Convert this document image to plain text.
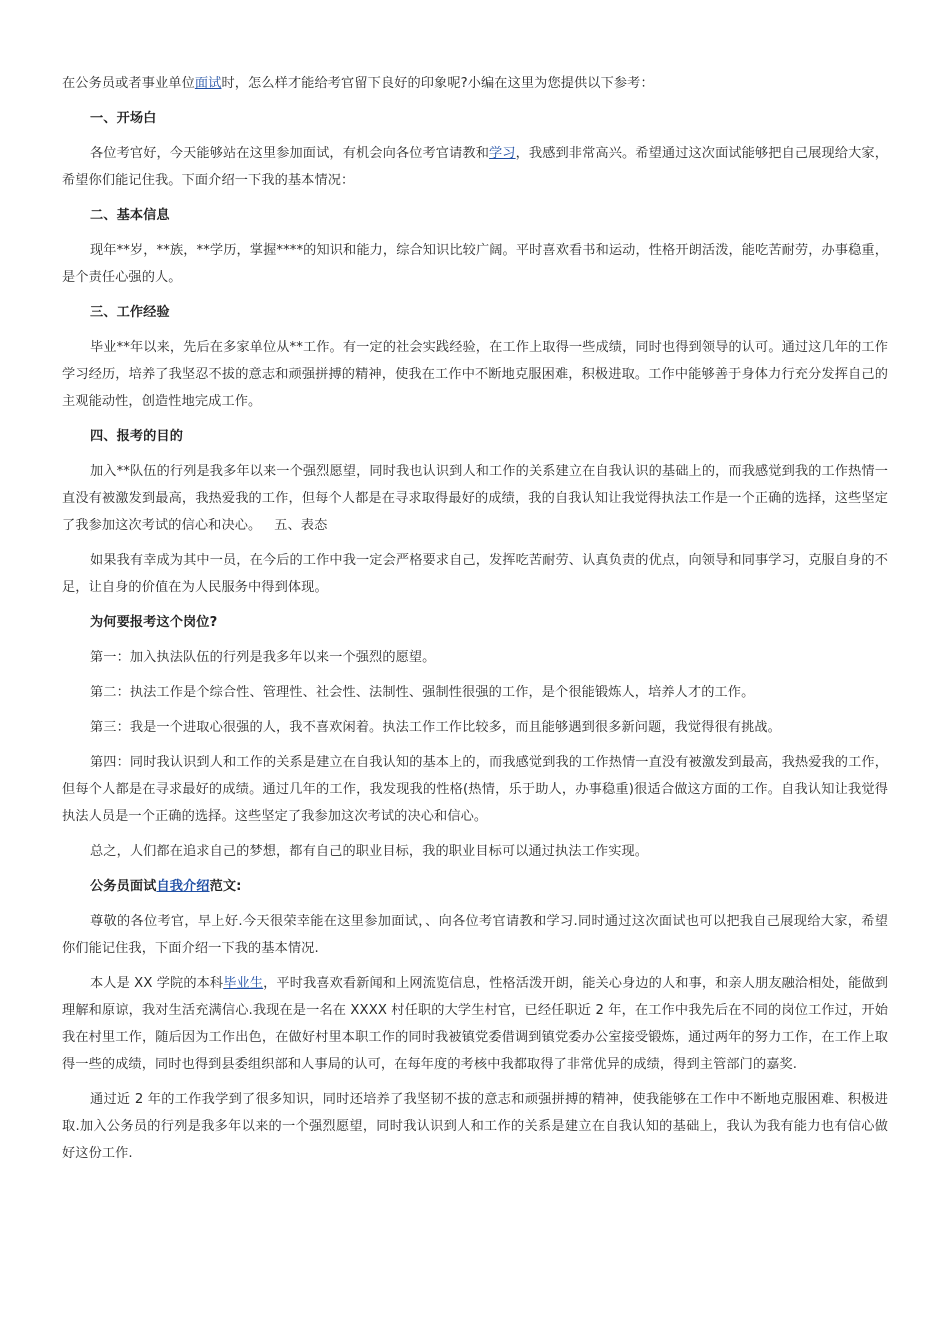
在公务员或者事业单位面试时，怎么样才能给考官留下良好的印象呢?小编在这里为您提供以下参考：

一、开场白

各位考官好，今天能够站在这里参加面试，有机会向各位考官请教和学习，我感到非常高兴。希望通过这次面试能够把自己展现给大家，希望你们能记住我。下面介绍一下我的基本情况：

二、基本信息

现年**岁，**族，**学历，掌握****的知识和能力，综合知识比较广阔。平时喜欢看书和运动，性格开朗活泼，能吃苦耐劳，办事稳重，是个责任心强的人。

三、工作经验

毕业**年以来，先后在多家单位从**工作。有一定的社会实践经验，在工作上取得一些成绩，同时也得到领导的认可。通过这几年的工作学习经历，培养了我坚忍不拔的意志和顽强拼搏的精神，使我在工作中不断地克服困难，积极进取。工作中能够善于身体力行充分发挥自己的主观能动性，创造性地完成工作。

四、报考的目的

加入**队伍的行列是我多年以来一个强烈愿望，同时我也认识到人和工作的关系建立在自我认识的基础上的，而我感觉到我的工作热情一直没有被激发到最高，我热爱我的工作，但每个人都是在寻求取得最好的成绩，我的自我认知让我觉得执法工作是一个正确的选择，这些坚定了我参加这次考试的信心和决心。 五、表态

如果我有幸成为其中一员，在今后的工作中我一定会严格要求自己，发挥吃苦耐劳、认真负责的优点，向领导和同事学习，克服自身的不足，让自身的价值在为人民服务中得到体现。

为何要报考这个岗位?

第一：加入执法队伍的行列是我多年以来一个强烈的愿望。

第二：执法工作是个综合性、管理性、社会性、法制性、强制性很强的工作，是个很能锻炼人，培养人才的工作。

第三：我是一个进取心很强的人，我不喜欢闲着。执法工作工作比较多，而且能够遇到很多新问题，我觉得很有挑战。

第四：同时我认识到人和工作的关系是建立在自我认知的基本上的，而我感觉到我的工作热情一直没有被激发到最高，我热爱我的工作，但每个人都是在寻求最好的成绩。通过几年的工作，我发现我的性格(热情，乐于助人，办事稳重)很适合做这方面的工作。自我认知让我觉得执法人员是一个正确的选择。这些坚定了我参加这次考试的决心和信心。

总之，人们都在追求自己的梦想，都有自己的职业目标，我的职业目标可以通过执法工作实现。

公务员面试自我介绍范文:

尊敬的各位考官，早上好.今天很荣幸能在这里参加面试，、向各位考官请教和学习.同时通过这次面试也可以把我自己展现给大家，希望你们能记住我，下面介绍一下我的基本情况.

本人是 XX 学院的本科毕业生，平时我喜欢看新闻和上网流览信息，性格活泼开朗，能关心身边的人和事，和亲人朋友融洽相处，能做到理解和原谅，我对生活充满信心.我现在是一名在 XXXX 村任职的大学生村官，已经任职近 2 年，在工作中我先后在不同的岗位工作过，开始我在村里工作，随后因为工作出色，在做好村里本职工作的同时我被镇党委借调到镇党委办公室接受锻炼，通过两年的努力工作，在工作上取得一些的成绩，同时也得到县委组织部和人事局的认可，在每年度的考核中我都取得了非常优异的成绩，得到主管部门的嘉奖.

通过近 2 年的工作我学到了很多知识，同时还培养了我坚韧不拔的意志和顽强拼搏的精神，使我能够在工作中不断地克服困难、积极进取.加入公务员的行列是我多年以来的一个强烈愿望，同时我认识到人和工作的关系是建立在自我认知的基础上，我认为我有能力也有信心做好这份工作.
